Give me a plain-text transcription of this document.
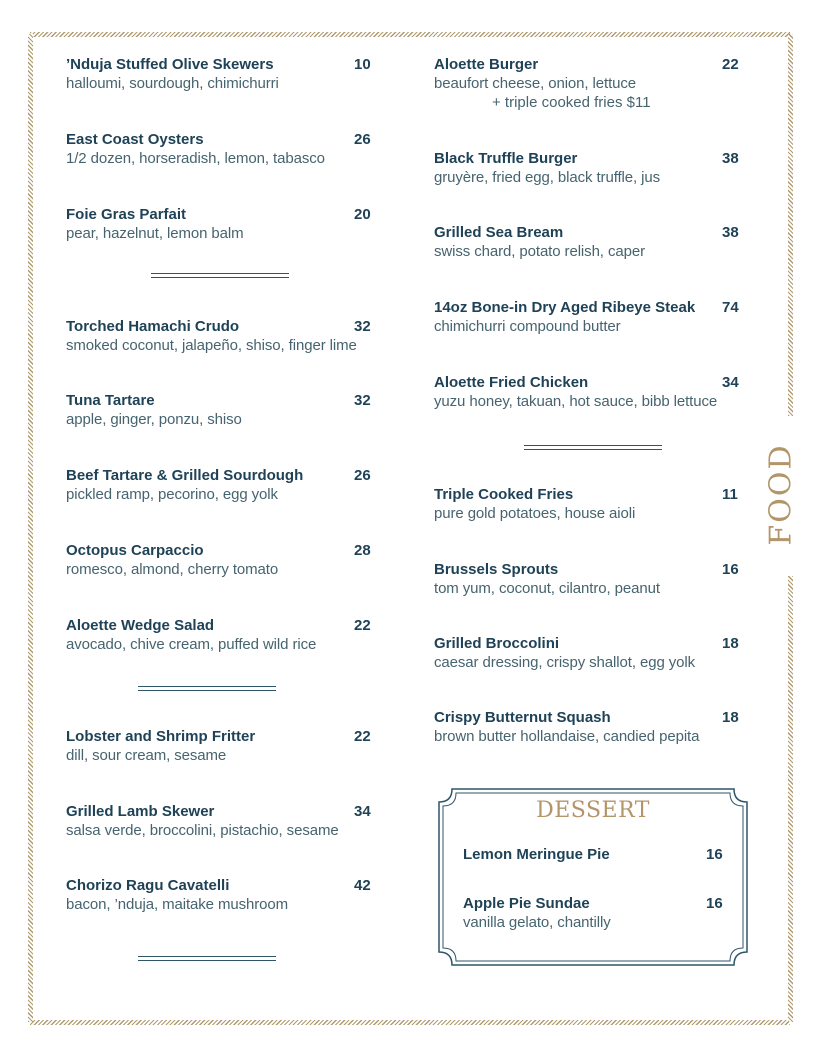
FOOD
’Nduja Stuffed Olive Skewers	10
halloumi, sourdough, chimichurri
East Coast Oysters	26
1/2 dozen, horseradish, lemon, tabasco
Foie Gras Parfait	20
pear, hazelnut, lemon balm
Torched Hamachi Crudo	32
smoked coconut, jalapeño, shiso, finger lime
Tuna Tartare	32
apple, ginger, ponzu, shiso
Beef Tartare & Grilled Sourdough	26
pickled ramp, pecorino, egg yolk
Octopus Carpaccio	28
romesco, almond, cherry tomato
Aloette Wedge Salad	22
avocado, chive cream, puffed wild rice
Lobster and Shrimp Fritter	22
dill, sour cream, sesame
Grilled Lamb Skewer	34
salsa verde, broccolini, pistachio, sesame
Chorizo Ragu Cavatelli	42
bacon, ’nduja, maitake mushroom
Aloette Burger	22
beaufort cheese, onion, lettuce
+ triple cooked fries $11
Black Truffle Burger	38
gruyère, fried egg, black truffle, jus
Grilled Sea Bream	38
swiss chard, potato relish, caper
14oz Bone-in Dry Aged Ribeye Steak 74
chimichurri compound butter
Aloette Fried Chicken	34
yuzu honey, takuan, hot sauce, bibb lettuce
Triple Cooked Fries	11
pure gold potatoes, house aioli
Brussels Sprouts	16
tom yum, coconut, cilantro, peanut
Grilled Broccolini	18
caesar dressing, crispy shallot, egg yolk
Crispy Butternut Squash	18
brown butter hollandaise, candied pepita
DESSERT
Lemon Meringue Pie	16
Apple Pie Sundae	16
vanilla gelato, chantilly
